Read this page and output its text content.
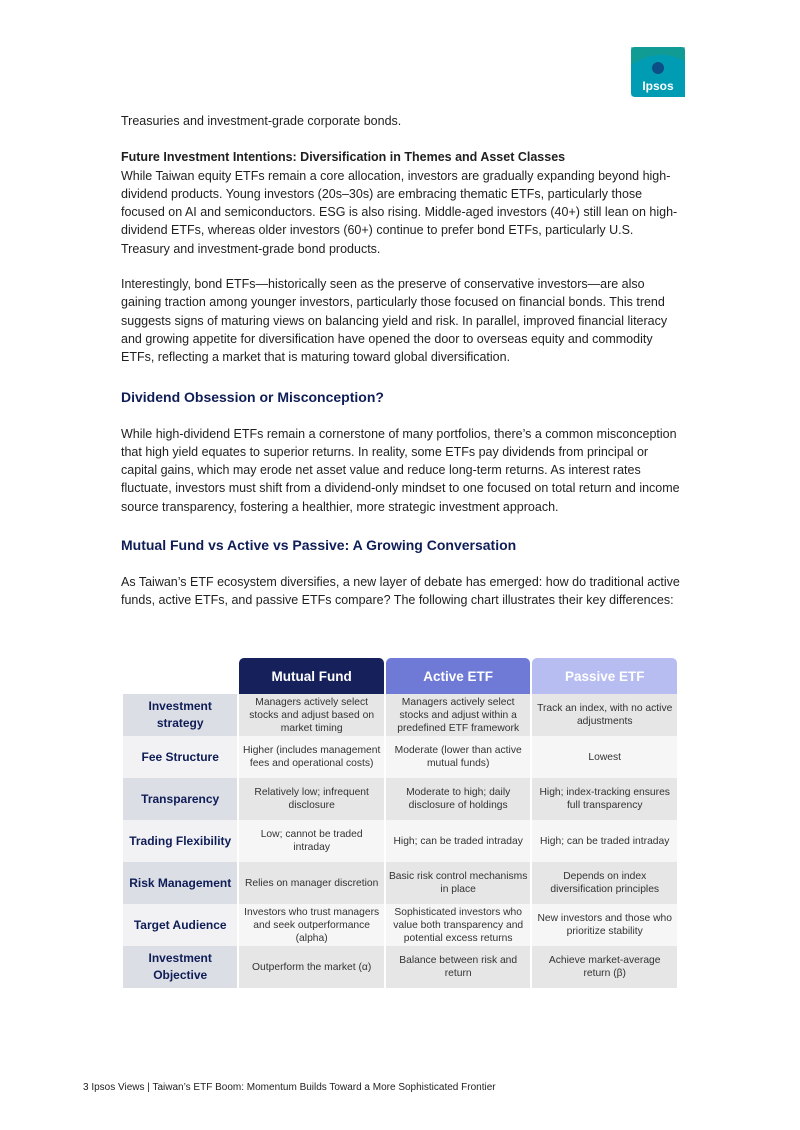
Ipsos

Treasuries and investment-grade corporate bonds.

Future Investment Intentions: Diversification in Themes and Asset Classes

While Taiwan equity ETFs remain a core allocation, investors are gradually expanding beyond high-dividend products. Young investors (20s–30s) are embracing thematic ETFs, particularly those focused on AI and semiconductors. ESG is also rising. Middle-aged investors (40+) still lean on high-dividend ETFs, whereas older investors (60+) continue to prefer bond ETFs, particularly U.S. Treasury and investment-grade bond products.

Interestingly, bond ETFs—historically seen as the preserve of conservative investors—are also gaining traction among younger investors, particularly those focused on financial bonds. This trend suggests signs of maturing views on balancing yield and risk. In parallel, improved financial literacy and growing appetite for diversification have opened the door to overseas equity and commodity ETFs, reflecting a market that is maturing toward global diversification.

Dividend Obsession or Misconception?

While high-dividend ETFs remain a cornerstone of many portfolios, there’s a common misconception that high yield equates to superior returns. In reality, some ETFs pay dividends from principal or capital gains, which may erode net asset value and reduce long-term returns. As interest rates fluctuate, investors must shift from a dividend-only mindset to one focused on total return and income source transparency, fostering a healthier, more strategic investment approach.

Mutual Fund vs Active vs Passive: A Growing Conversation

As Taiwan’s ETF ecosystem diversifies, a new layer of debate has emerged: how do traditional active funds, active ETFs, and passive ETFs compare? The following chart illustrates their key differences:

	Mutual Fund	Active ETF	Passive ETF
Investment strategy	Managers actively select stocks and adjust based on market timing	Managers actively select stocks and adjust within a predefined ETF framework	Track an index, with no active adjustments
Fee Structure	Higher (includes management fees and operational costs)	Moderate (lower than active mutual funds)	Lowest
Transparency	Relatively low; infrequent disclosure	Moderate to high; daily disclosure of holdings	High; index-tracking ensures full transparency
Trading Flexibility	Low; cannot be traded intraday	High; can be traded intraday	High; can be traded intraday
Risk Management	Relies on manager discretion	Basic risk control mechanisms in place	Depends on index diversification principles
Target Audience	Investors who trust managers and seek outperformance (alpha)	Sophisticated investors who value both transparency and potential excess returns	New investors and those who prioritize stability
Investment Objective	Outperform the market (α)	Balance between risk and return	Achieve market-average return (β)
3 Ipsos Views | Taiwan’s ETF Boom: Momentum Builds Toward a More Sophisticated Frontier
